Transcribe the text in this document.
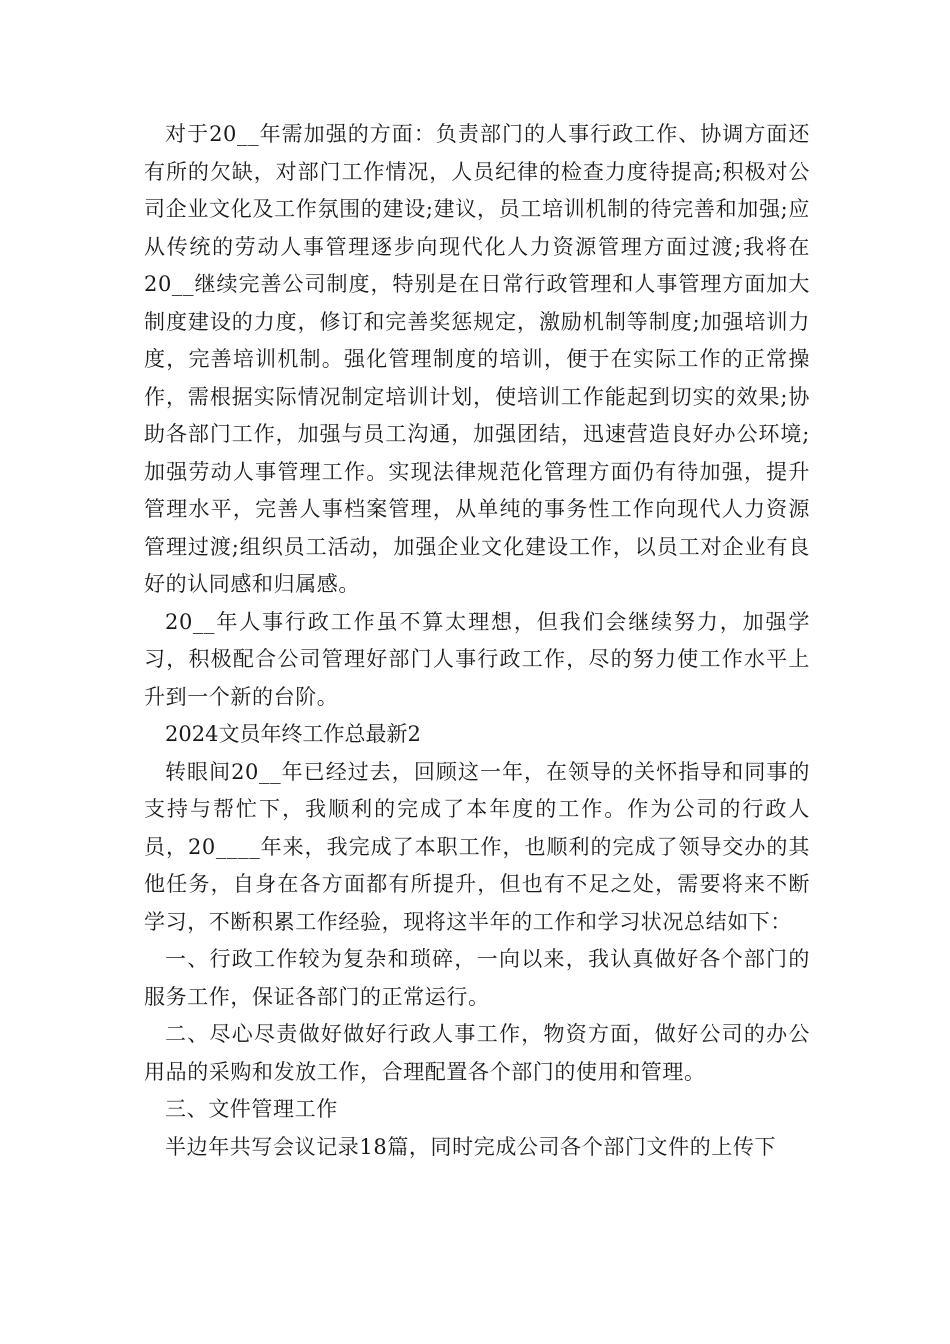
对于20__年需加强的方面：负责部门的人事行政工作、协调方面还有所的欠缺，对部门工作情况，人员纪律的检查力度待提高;积极对公司企业文化及工作氛围的建设;建议，员工培训机制的待完善和加强;应从传统的劳动人事管理逐步向现代化人力资源管理方面过渡;我将在20__继续完善公司制度，特别是在日常行政管理和人事管理方面加大制度建设的力度，修订和完善奖惩规定，激励机制等制度;加强培训力度，完善培训机制。强化管理制度的培训，便于在实际工作的正常操作，需根据实际情况制定培训计划，使培训工作能起到切实的效果;协助各部门工作，加强与员工沟通，加强团结，迅速营造良好办公环境;加强劳动人事管理工作。实现法律规范化管理方面仍有待加强，提升管理水平，完善人事档案管理，从单纯的事务性工作向现代人力资源管理过渡;组织员工活动，加强企业文化建设工作，以员工对企业有良好的认同感和归属感。

20__年人事行政工作虽不算太理想，但我们会继续努力，加强学习，积极配合公司管理好部门人事行政工作，尽的努力使工作水平上升到一个新的台阶。

2024文员年终工作总最新2

转眼间20__年已经过去，回顾这一年，在领导的关怀指导和同事的支持与帮忙下，我顺利的完成了本年度的工作。作为公司的行政人员，20____年来，我完成了本职工作，也顺利的完成了领导交办的其他任务，自身在各方面都有所提升，但也有不足之处，需要将来不断学习，不断积累工作经验，现将这半年的工作和学习状况总结如下：

一、行政工作较为复杂和琐碎，一向以来，我认真做好各个部门的服务工作，保证各部门的正常运行。

二、尽心尽责做好做好行政人事工作，物资方面，做好公司的办公用品的采购和发放工作，合理配置各个部门的使用和管理。

三、文件管理工作

半边年共写会议记录18篇，同时完成公司各个部门文件的上传下
